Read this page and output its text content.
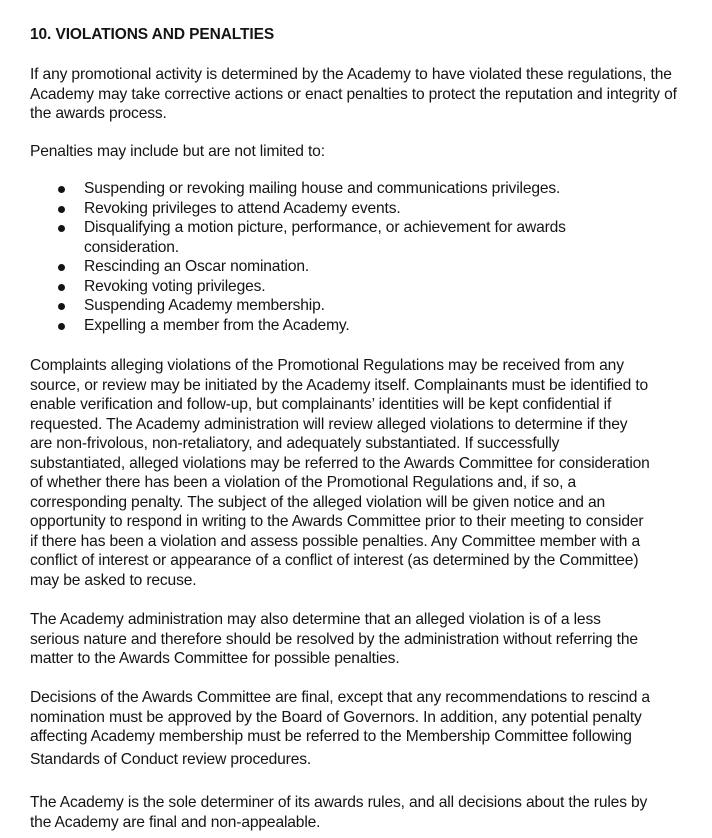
10. VIOLATIONS AND PENALTIES
If any promotional activity is determined by the Academy to have violated these regulations, the
Academy may take corrective actions or enact penalties to protect the reputation and integrity of
the awards process.
Penalties may include but are not limited to:
Suspending or revoking mailing house and communications privileges.
Revoking privileges to attend Academy events.
Disqualifying a motion picture, performance, or achievement for awards
consideration.
Rescinding an Oscar nomination.
Revoking voting privileges.
Suspending Academy membership.
Expelling a member from the Academy.
Complaints alleging violations of the Promotional Regulations may be received from any
source, or review may be initiated by the Academy itself. Complainants must be identified to
enable verification and follow-up, but complainants’ identities will be kept confidential if
requested. The Academy administration will review alleged violations to determine if they
are non-frivolous, non-retaliatory, and adequately substantiated. If successfully
substantiated, alleged violations may be referred to the Awards Committee for consideration
of whether there has been a violation of the Promotional Regulations and, if so, a
corresponding penalty. The subject of the alleged violation will be given notice and an
opportunity to respond in writing to the Awards Committee prior to their meeting to consider
if there has been a violation and assess possible penalties. Any Committee member with a
conflict of interest or appearance of a conflict of interest (as determined by the Committee)
may be asked to recuse.
The Academy administration may also determine that an alleged violation is of a less
serious nature and therefore should be resolved by the administration without referring the
matter to the Awards Committee for possible penalties.
Decisions of the Awards Committee are final, except that any recommendations to rescind a
nomination must be approved by the Board of Governors. In addition, any potential penalty
affecting Academy membership must be referred to the Membership Committee following
Standards of Conduct review procedures.
The Academy is the sole determiner of its awards rules, and all decisions about the rules by
the Academy are final and non-appealable.
